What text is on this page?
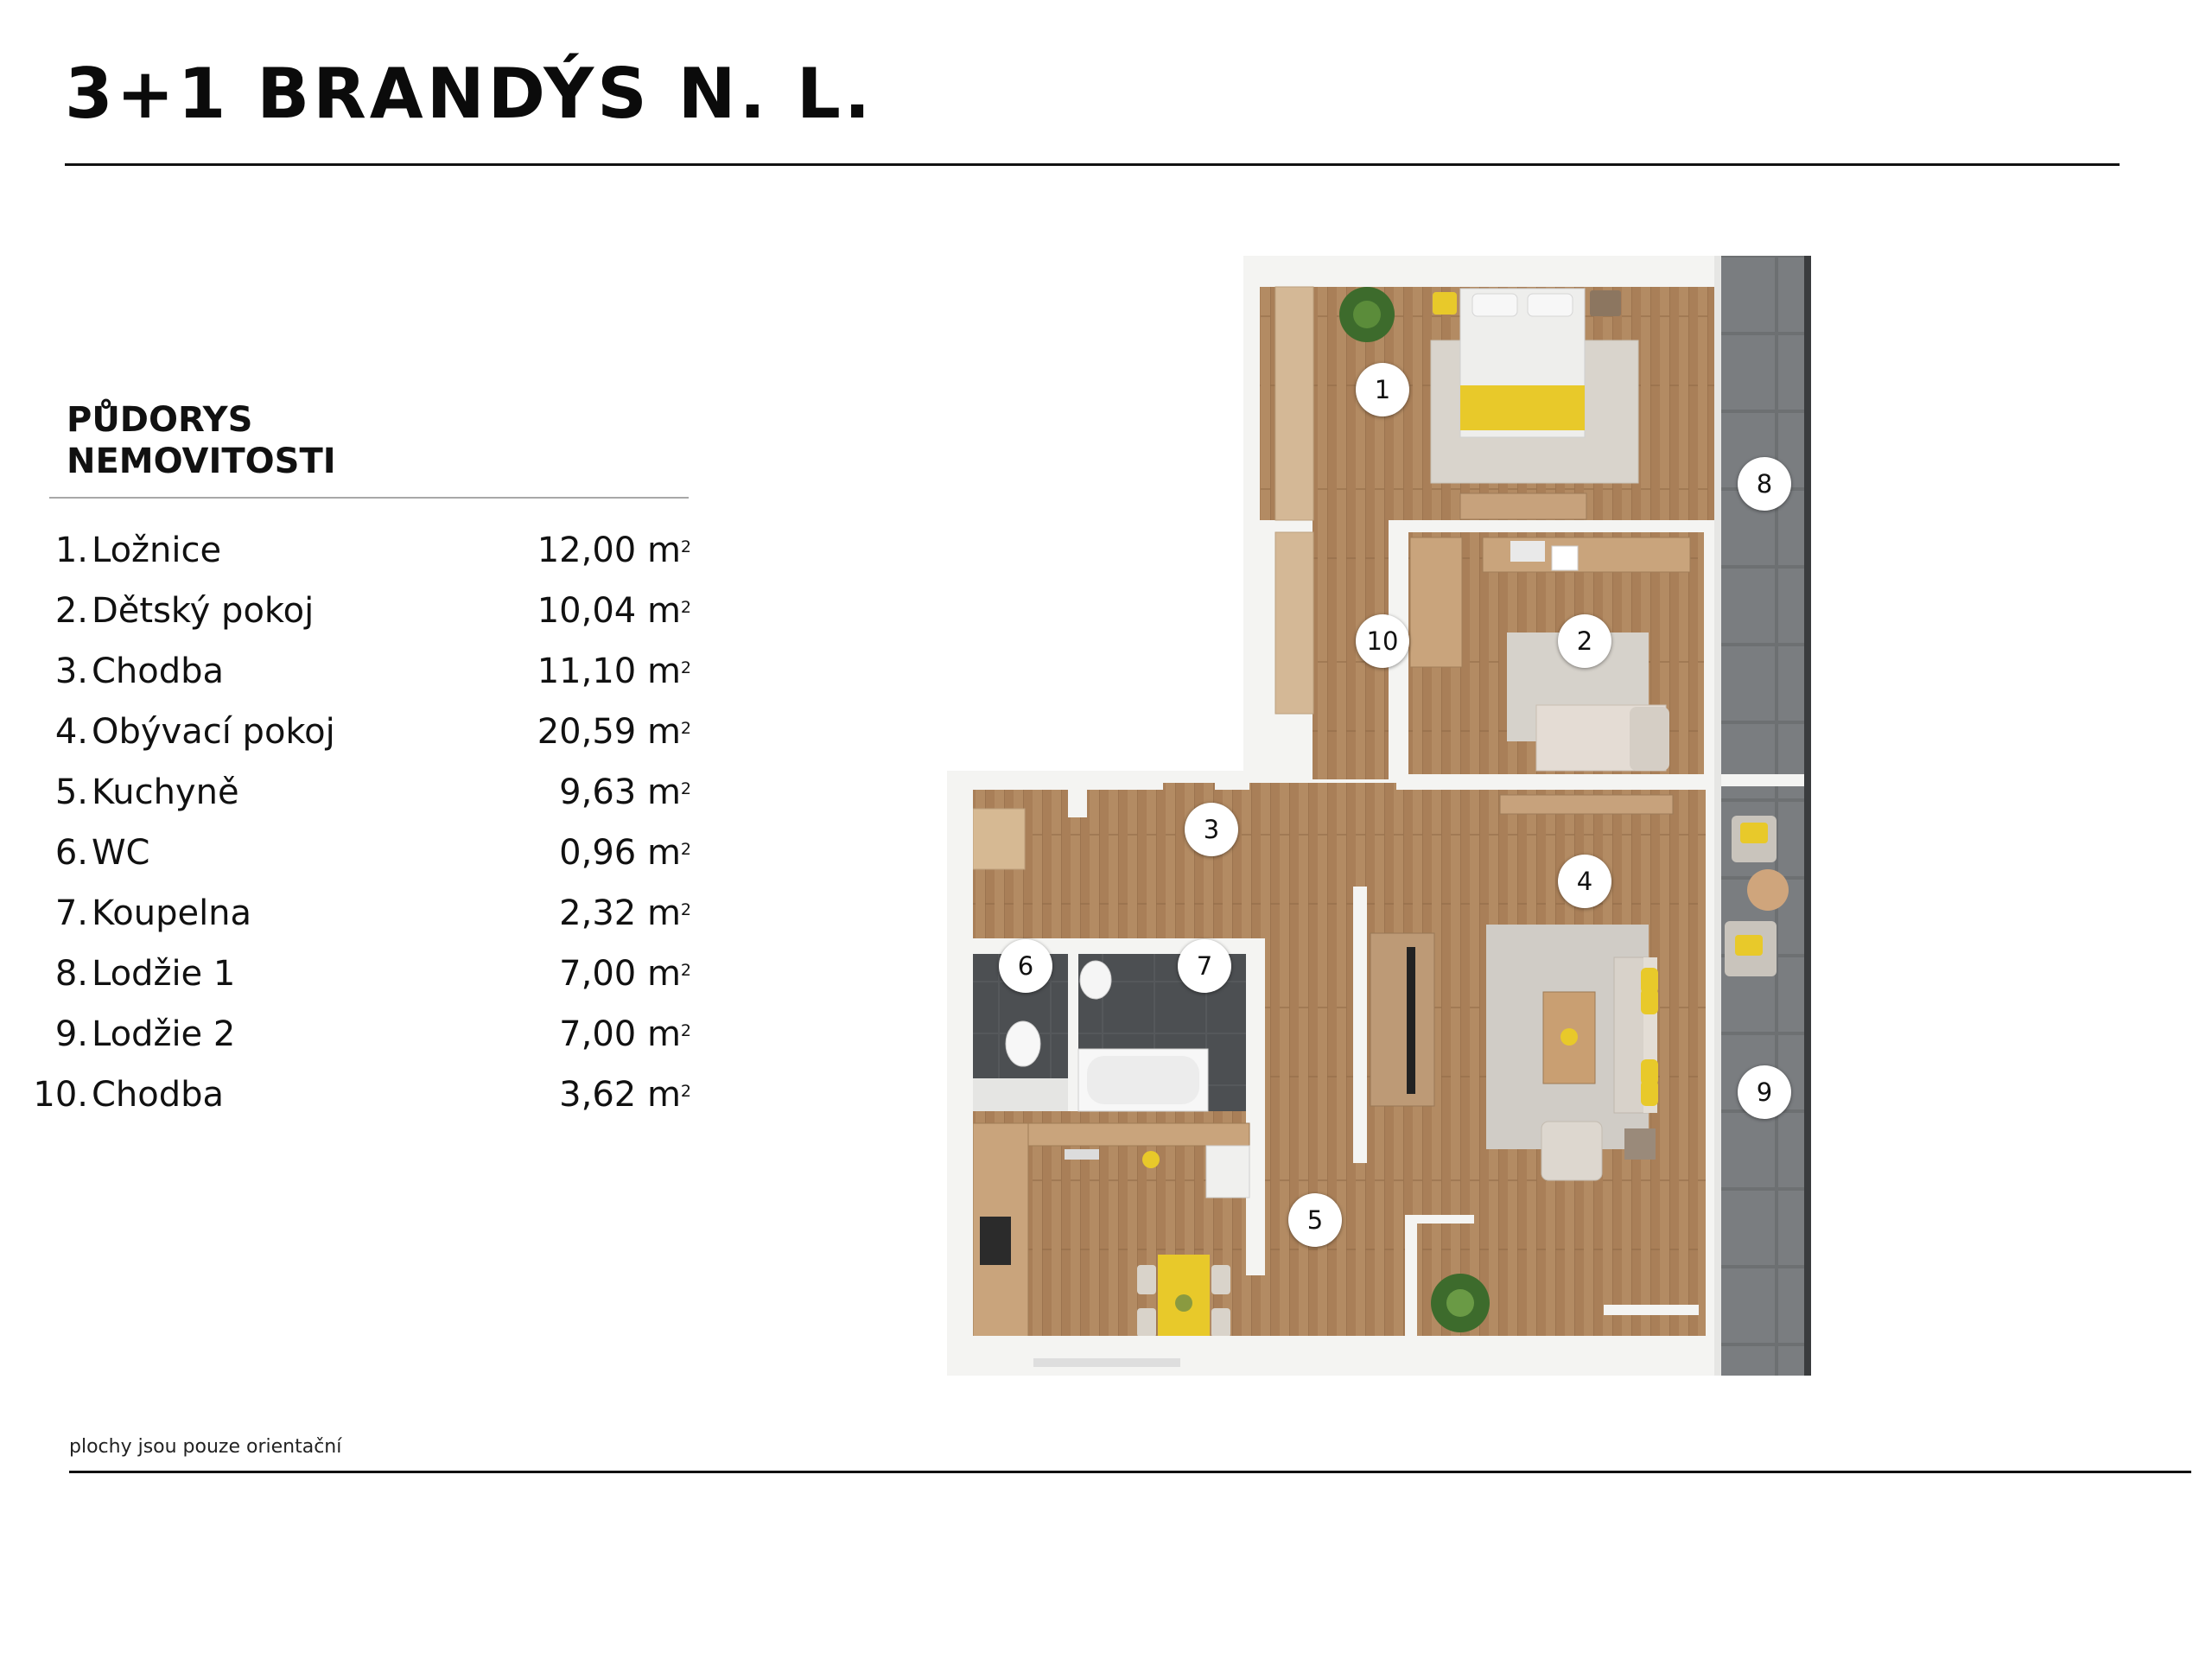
3+1 BRANDÝS N. L.
PŮDORYS
NEMOVITOSTI
1. Ložnice	12,00 $m^2$
2. Dětský pokoj	10,04 $m^2$
3. Chodba	11,10 $m^2$
4. Obývací pokoj	20,59 $m^2$
5. Kuchyně	9,63 $m^2$
6. WC	0,96 $m^2$
7. Koupelna	2,32 $m^2$
8. Lodžie 1	7,00 $m^2$
9. Lodžie 2	7,00 $m^2$
10. Chodba	3,62 $m^2$
1
2
3
4
5
6	7
8
9
10
plochy jsou pouze orientační
